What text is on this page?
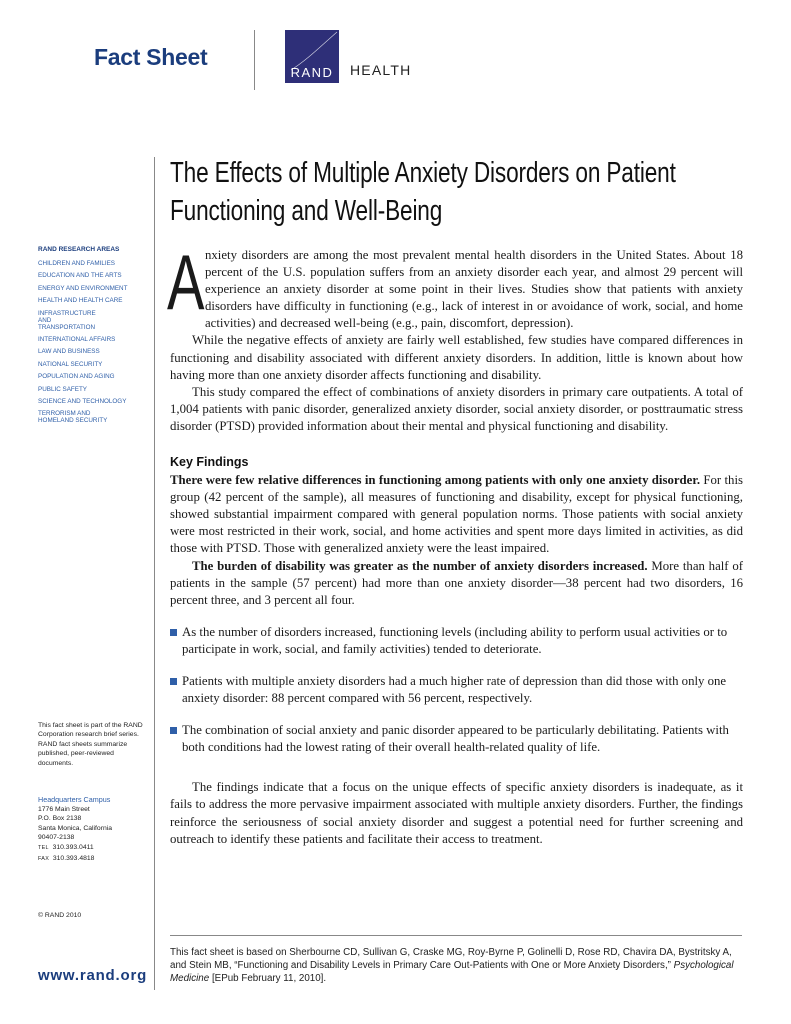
Fact Sheet
RAND	HEALTH
The Effects of Multiple Anxiety Disorders on Patient Functioning and Well-Being
RAND RESEARCH AREAS
CHILDREN AND FAMILIES
EDUCATION AND THE ARTS
ENERGY AND ENVIRONMENT
HEALTH AND HEALTH CARE
INFRASTRUCTURE AND TRANSPORTATION
INTERNATIONAL AFFAIRS
LAW AND BUSINESS
NATIONAL SECURITY
POPULATION AND AGING
PUBLIC SAFETY
SCIENCE AND TECHNOLOGY
TERRORISM AND HOMELAND SECURITY
This fact sheet is part of the RAND Corporation research brief series. RAND fact sheets summarize published, peer-reviewed documents.
Headquarters Campus
1776 Main Street
P.O. Box 2138
Santa Monica, California
90407-2138
TEL 310.393.0411
FAX 310.393.4818
© RAND 2010
www.rand.org

Anxiety disorders are among the most prevalent mental health disorders in the United States. About 18 percent of the U.S. population suffers from an anxiety disorder each year, and almost 29 percent will experience an anxiety disorder at some point in their lives. Studies show that patients with anxiety disorders have difficulty in functioning (e.g., lack of interest in or avoidance of work, social, and home activities) and decreased well-being (e.g., pain, discomfort, depression).

While the negative effects of anxiety are fairly well established, few studies have compared differences in functioning and disability associated with different anxiety disorders. In addition, little is known about how having more than one anxiety disorder affects functioning and disability.

This study compared the effect of combinations of anxiety disorders in primary care outpatients. A total of 1,004 patients with panic disorder, generalized anxiety disorder, social anxiety disorder, or posttraumatic stress disorder (PTSD) provided information about their mental and physical functioning and disability.

Key Findings

There were few relative differences in functioning among patients with only one anxiety disorder. For this group (42 percent of the sample), all measures of functioning and disability, except for physical functioning, showed substantial impairment compared with general population norms. Those patients with social anxiety were most restricted in their work, social, and home activities and spent more days limited in activities, as did those with PTSD. Those with generalized anxiety were the least impaired.

The burden of disability was greater as the number of anxiety disorders increased. More than half of patients in the sample (57 percent) had more than one anxiety disorder—38 percent had two disorders, 16 percent three, and 3 percent all four.

As the number of disorders increased, functioning levels (including ability to perform usual activities or to participate in work, social, and family activities) tended to deteriorate.
Patients with multiple anxiety disorders had a much higher rate of depression than did those with only one anxiety disorder: 88 percent compared with 56 percent, respectively.
The combination of social anxiety and panic disorder appeared to be particularly debilitating. Patients with both conditions had the lowest rating of their overall health-related quality of life.

The findings indicate that a focus on the unique effects of specific anxiety disorders is inadequate, as it fails to address the more pervasive impairment associated with multiple anxiety disorders. Further, the findings reinforce the seriousness of social anxiety disorder and suggest a potential need for further screening and outreach to identify these patients and facilitate their access to treatment.

This fact sheet is based on Sherbourne CD, Sullivan G, Craske MG, Roy-Byrne P, Golinelli D, Rose RD, Chavira DA, Bystritsky A, and Stein MB, “Functioning and Disability Levels in Primary Care Out-Patients with One or More Anxiety Disorders,” Psychological Medicine [EPub February 11, 2010].
